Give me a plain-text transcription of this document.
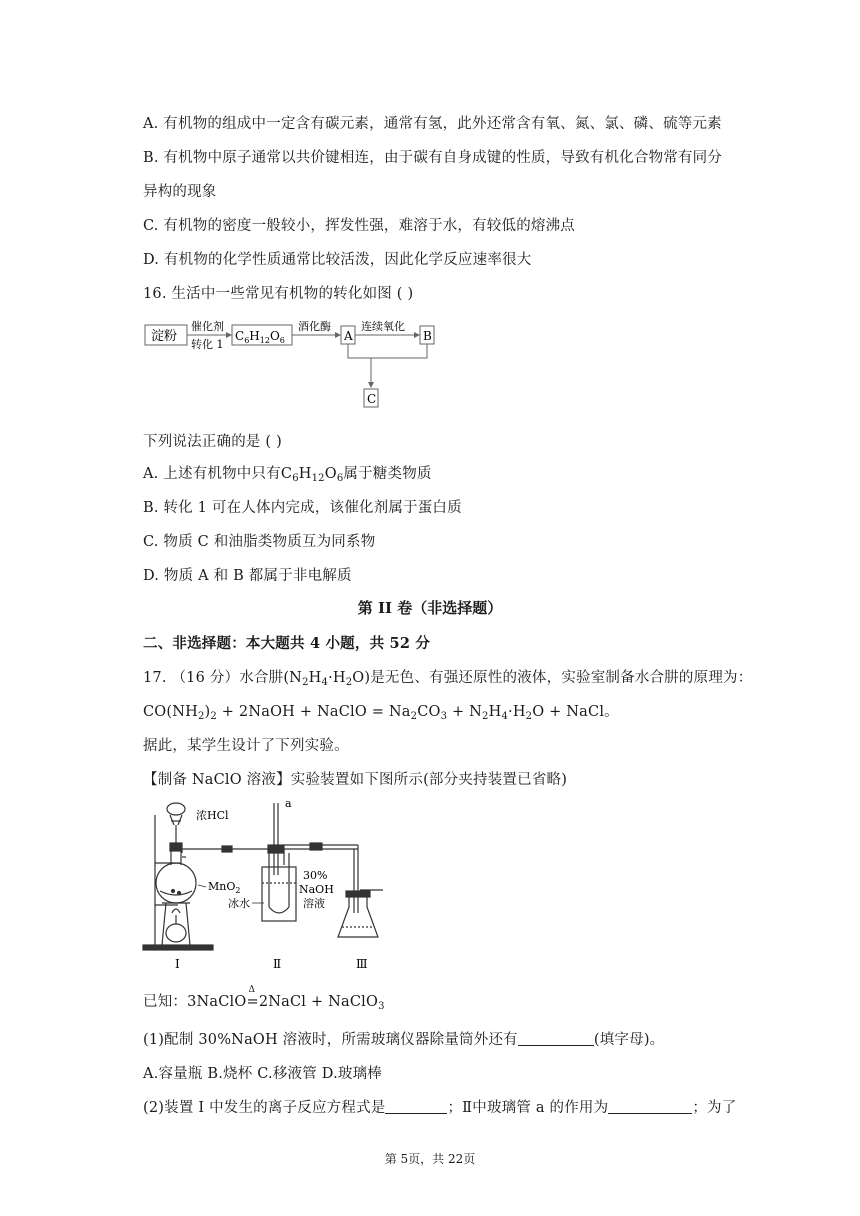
A. 有机物的组成中一定含有碳元素，通常有氢，此外还常含有氧、氮、氯、磷、硫等元素
B. 有机物中原子通常以共价键相连，由于碳有自身成键的性质，导致有机化合物常有同分
异构的现象
C. 有机物的密度一般较小，挥发性强，难溶于水，有较低的熔沸点
D. 有机物的化学性质通常比较活泼，因此化学反应速率很大
16. 生活中一些常见有机物的转化如图 ( )
淀粉
催化剂
转化 1
$C_6H_{12}O_6$
酒化酶
A
连续氧化
B
C
下列说法正确的是 ( )
A. 上述有机物中只有$C_6H_{12}O_6$属于糖类物质
B. 转化 1 可在人体内完成，该催化剂属于蛋白质
C. 物质 C 和油脂类物质互为同系物
D. 物质 A 和 B 都属于非电解质
第 II 卷（非选择题）
二、非选择题：本大题共 4 小题，共 52 分
17. （16 分）水合肼$(N_2H_4\cdot H_2O)$是无色、有强还原性的液体，实验室制备水合肼的原理为：
$CO(NH_2)_2$ + 2NaOH + NaClO = $Na_2CO_3 + N_2H_4\cdot H_2O$ + NaCl。
据此，某学生设计了下列实验。
【制备 NaClO 溶液】实验装置如下图所示(部分夹持装置已省略)
浓HCl
a
MnO$_2$
30%
NaOH
溶液
冰水
I	Ⅱ	Ⅲ
已知：3NaClO
Δ
=2NaCl + NaClO$_3$
(1)配制 30%NaOH 溶液时，所需玻璃仪器除量筒外还有	(填字母)。
A.容量瓶 B.烧杯 C.移液管 D.玻璃棒
(2)装置 I 中发生的离子反应方程式是	；Ⅱ中玻璃管 a 的作用为	；为了
第 5页，共 22页
